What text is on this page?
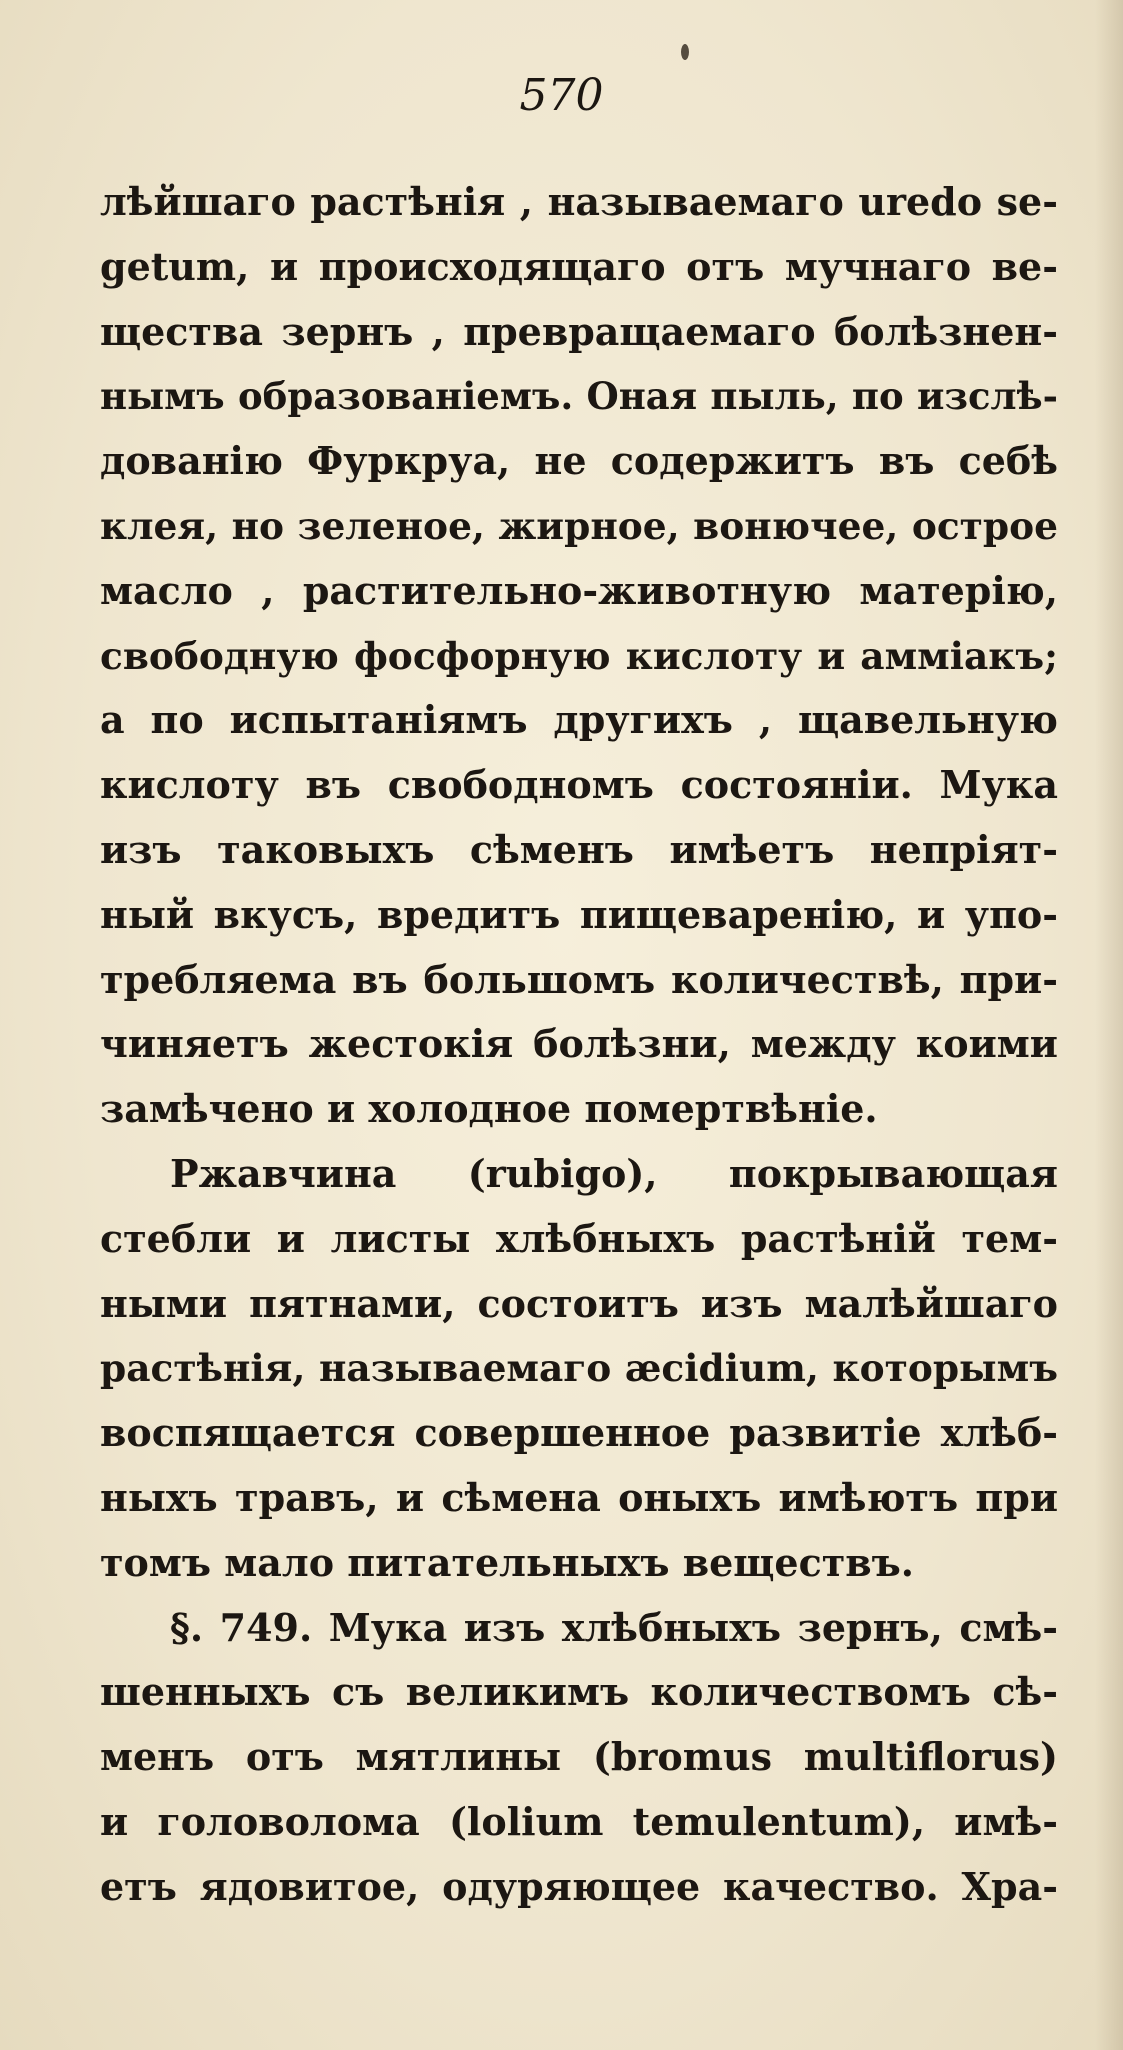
570
лѣйшаго растѣнія , называемаго uredo se-
getum, и происходящаго отъ мучнаго ве-
щества зернъ , превращаемаго болѣзнен-
нымъ образованіемъ. Оная пыль, по изслѣ-
дованію Фуркруа, не содержитъ въ себѣ
клея, но зеленое, жирное, вонючее, острое
масло , растительно-животную матерію,
свободную фосфорную кислоту и амміакъ;
а по испытаніямъ другихъ , щавельную
кислоту въ свободномъ состояніи. Мука
изъ таковыхъ сѣменъ имѣетъ непріят-
ный вкусъ, вредитъ пищеваренію, и упо-
требляема въ большомъ количествѣ, при-
чиняетъ жестокія болѣзни, между коими
замѣчено и холодное помертвѣніе.
Ржавчина (rubigo), покрывающая
стебли и листы хлѣбныхъ растѣній тем-
ными пятнами, состоитъ изъ малѣйшаго
растѣнія, называемаго æcidium, которымъ
воспящается совершенное развитіе хлѣб-
ныхъ травъ, и сѣмена оныхъ имѣютъ при
томъ мало питательныхъ веществъ.
§. 749. Мука изъ хлѣбныхъ зернъ, смѣ-
шенныхъ съ великимъ количествомъ сѣ-
менъ отъ мятлины (bromus multiflorus)
и головолома (lolium temulentum), имѣ-
етъ ядовитое, одуряющее качество. Хра-
